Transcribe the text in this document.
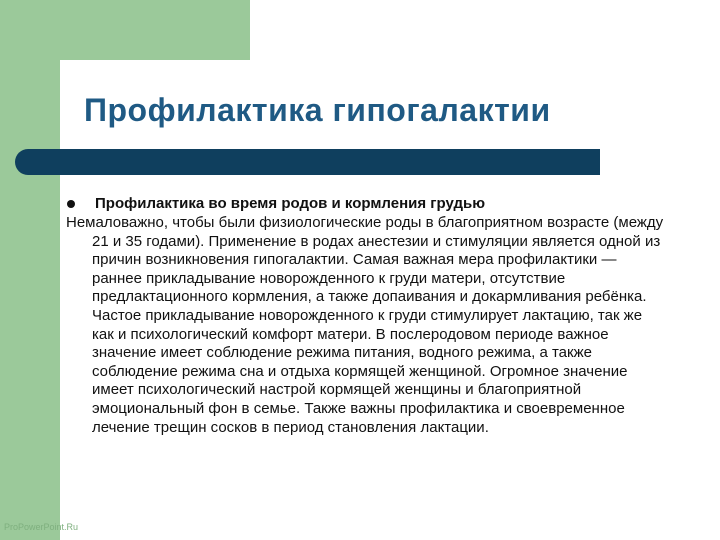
Профилактика гипогалактии
Профилактика во время родов и кормления грудью

Немаловажно, чтобы были физиологические роды в благоприятном возрасте (между 21 и 35 годами). Применение в родах анестезии и стимуляции является одной из причин возникновения гипогалактии. Самая важная мера профилактики — раннее прикладывание новорожденного к груди матери, отсутствие предлактационного кормления, а также допаивания и докармливания ребёнка. Частое прикладывание новорожденного к груди стимулирует лактацию, так же как и психологический комфорт матери. В послеродовом периоде важное значение имеет соблюдение режима питания, водного режима, а также соблюдение режима сна и отдыха кормящей женщиной. Огромное значение имеет психологический настрой кормящей женщины и благоприятной эмоциональный фон в семье. Также важны профилактика и своевременное лечение трещин сосков в период становления лактации.

ProPowerPoint.Ru
